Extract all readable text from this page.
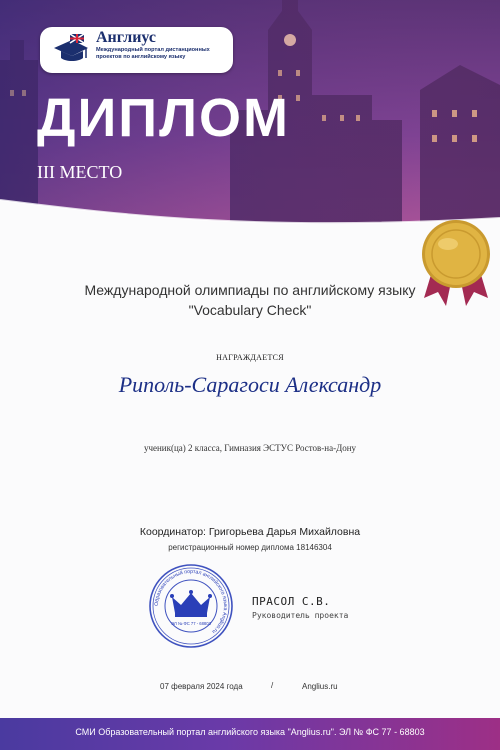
Англиус
Международный портал дистанционных проектов по английскому языку
ДИПЛОМ
III МЕСТО
Международной олимпиады по английскому языку
"Vocabulary Check"
НАГРАЖДАЕТСЯ
Риполь-Сарагоси Александр
ученик(ца) 2 класса, Гимназия ЭСТУС Ростов-на-Дону
Координатор: Григорьева Дарья Михайловна
регистрационный номер диплома 18146304
Образовательный портал английского языка Anglius.ru
ЭЛ № ФС 77 - 68803
ПРАСОЛ С.В.
Руководитель проекта
07 февраля 2024 года	/	Anglius.ru
СМИ Образовательный портал английского языка "Anglius.ru". ЭЛ № ФС 77 - 68803
